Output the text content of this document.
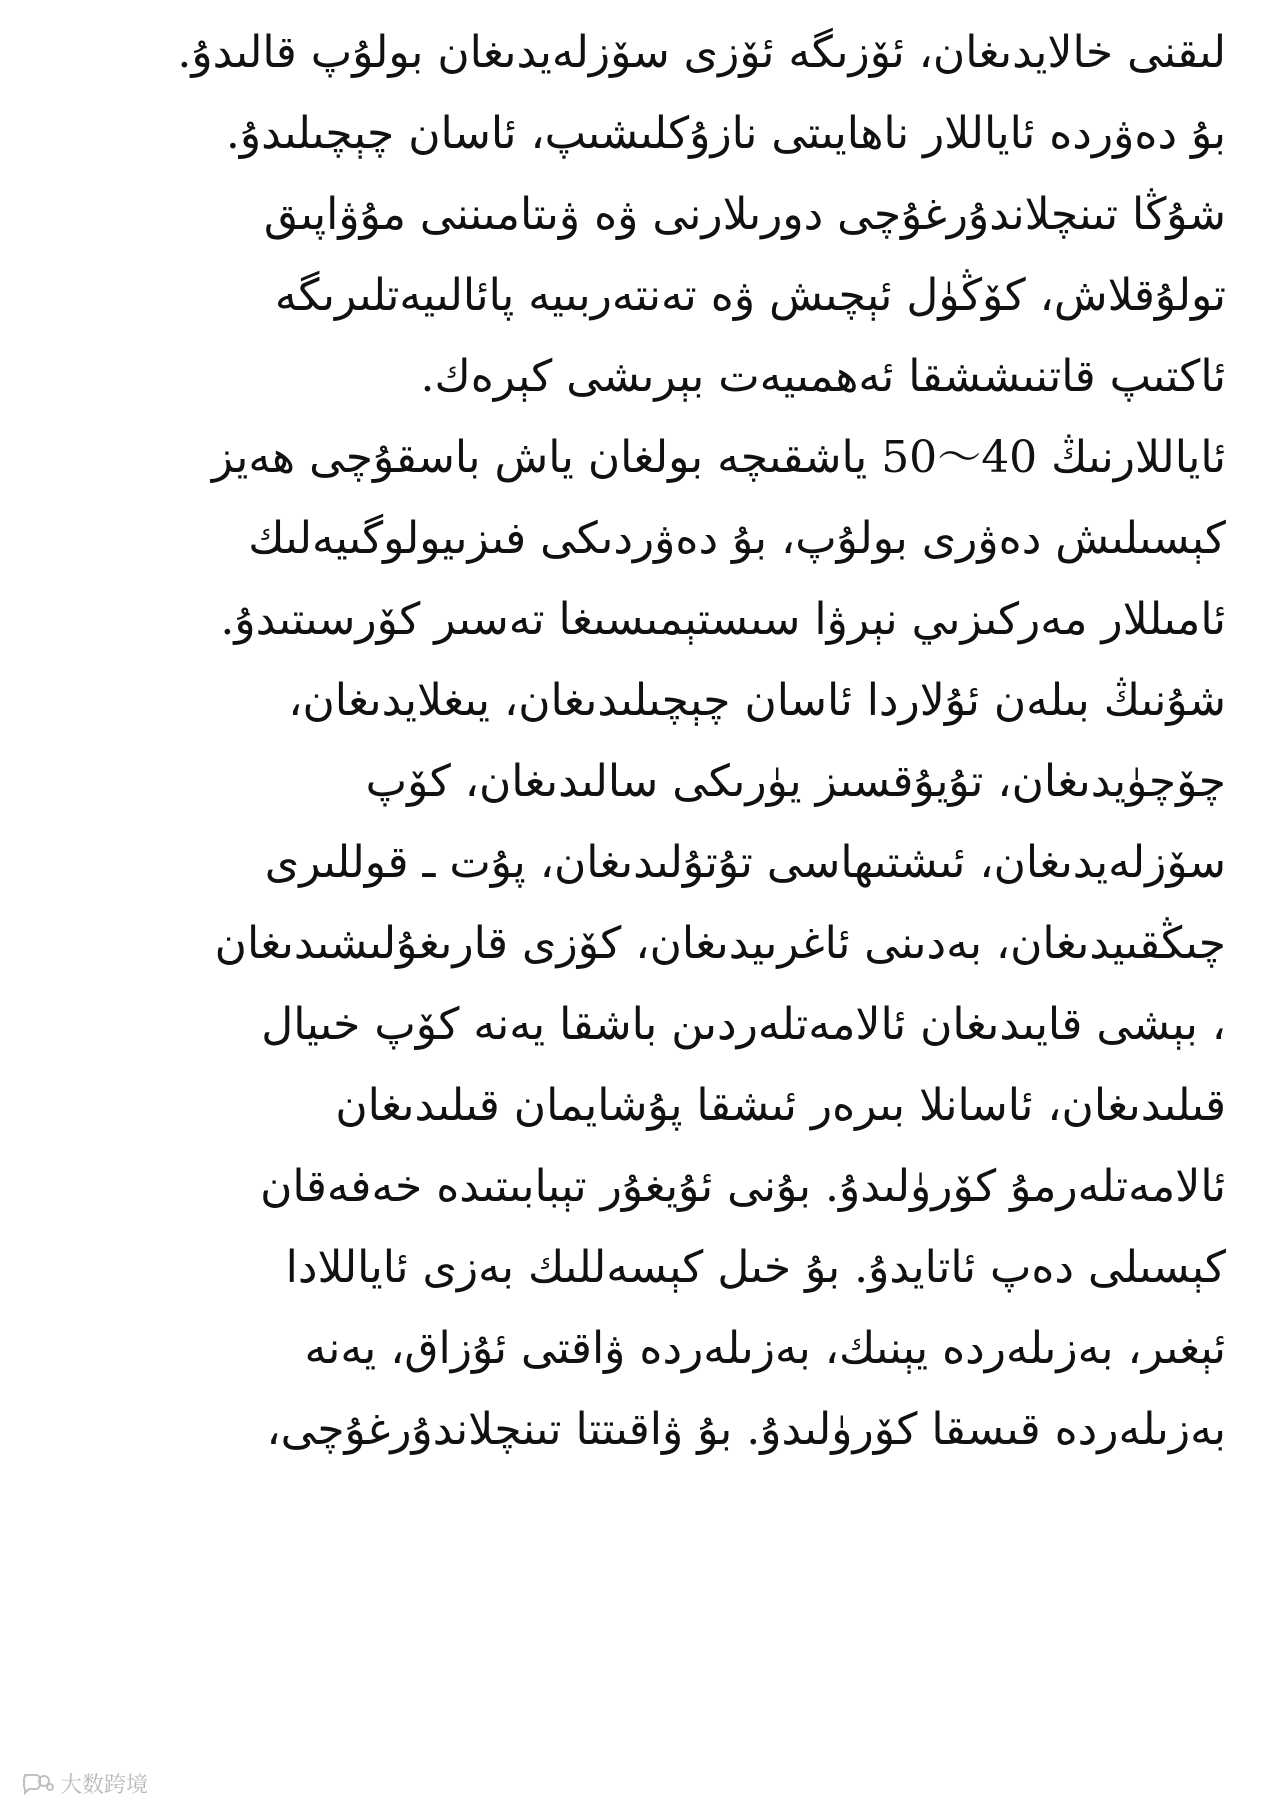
لىقنى خالايدىغان، ئۆزىگە ئۆزى سۆزلەيدىغان بولۇپ قالىدۇ.
بۇ دەۋردە ئاياللار ناھايىتى نازۇكلىشىپ، ئاسان چېچىلىدۇ.
شۇڭا تىنچلاندۇرغۇچى دورىلارنى ۋە ۋىتامىننى مۇۋاپىق
تولۇقلاش، كۆڭۈل ئېچىش ۋە تەنتەربىيە پائالىيەتلىرىگە
ئاكتىپ قاتنىششقا ئەھمىيەت بېرىشى كېرەك.
ئاياللارنىڭ 40～50 ياشقىچە بولغان ياش باسقۇچى ھەيز
كېسىلىش دەۋرى بولۇپ، بۇ دەۋردىكى فىزىيولوگىيەلىك
ئامىللار مەركىزىي نېرۋا سىستېمىسىغا تەسىر كۆرسىتىدۇ.
شۇنىڭ بىلەن ئۇلاردا ئاسان چېچىلىدىغان، يىغلايدىغان،
چۆچۈيدىغان، تۇيۇقسىز يۈرىكى سالىدىغان، كۆپ
سۆزلەيدىغان، ئىشتىھاسى تۇتۇلىدىغان، پۇت ـ قوللىرى
چىڭقىيدىغان، بەدىنى ئاغرىيدىغان، كۆزى قارىغۇلىشىدىغان
، بېشى قايىدىغان ئالامەتلەردىن باشقا يەنە كۆپ خىيال
قىلىدىغان، ئاسانلا بىرەر ئىشقا پۇشايمان قىلىدىغان
ئالامەتلەرمۇ كۆرۈلىدۇ. بۇنى ئۇيغۇر تېبابىتىدە خەفەقان
كېسىلى دەپ ئاتايدۇ. بۇ خىل كېسەللىك بەزى ئاياللادا
ئېغىر، بەزىلەردە يېنىك، بەزىلەردە ۋاقتى ئۇزاق، يەنە
بەزىلەردە قىسقا كۆرۈلىدۇ. بۇ ۋاقىتتا تىنچلاندۇرغۇچى،
大数跨境
